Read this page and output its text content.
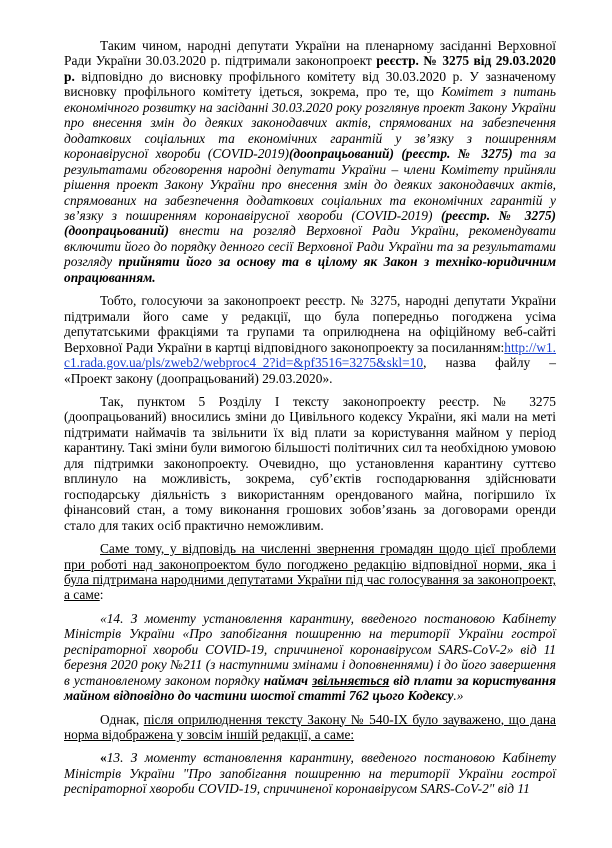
Таким чином, народні депутати України на пленарному засіданні Верховної Ради України 30.03.2020 р. підтримали законопроект реєстр. № 3275 від 29.03.2020 р. відповідно до висновку профільного комітету від 30.03.2020 р. У зазначеному висновку профільного комітету ідеться, зокрема, про те, що Комітет з питань економічного розвитку на засіданні 30.03.2020 року розглянув проект Закону України про внесення змін до деяких законодавчих актів, спрямованих на забезпечення додаткових соціальних та економічних гарантій у зв’язку з поширенням коронавірусної хвороби (COVID-2019)(доопрацьований) (реєстр. № 3275) та за результатами обговорення народні депутати України – члени Комітету прийняли рішення проект Закону України про внесення змін до деяких законодавчих актів, спрямованих на забезпечення додаткових соціальних та економічних гарантій у зв’язку з поширенням коронавірусної хвороби (COVID-2019) (реєстр. № 3275) (доопрацьований) внести на розгляд Верховної Ради України, рекомендувати включити його до порядку денного сесії Верховної Ради України та за результатами розгляду прийняти його за основу та в цілому як Закон з техніко-юридичним опрацюванням.

Тобто, голосуючи за законопроект реєстр. № 3275, народні депутати України підтримали його саме у редакції, що була попередньо погоджена усіма депутатськими фракціями та групами та оприлюднена на офіційному веб-сайті Верховної Ради України в картці відповідного законопроекту за посиланням:http://w1.c1.rada.gov.ua/pls/zweb2/webproc4_2?id=&pf3516=3275&skl=10, назва файлу – «Проект закону (доопрацьований) 29.03.2020».

Так, пунктом 5 Розділу І тексту законопроекту реєстр. № 3275 (доопрацьований) вносились зміни до Цивільного кодексу України, які мали на меті підтримати наймачів та звільнити їх від плати за користування майном у період карантину. Такі зміни були вимогою більшості політичних сил та необхідною умовою для підтримки законопроекту. Очевидно, що установлення карантину суттєво вплинуло на можливість, зокрема, суб’єктів господарювання здійснювати господарську діяльність з використанням орендованого майна, погіршило їх фінансовий стан, а тому виконання грошових зобов’язань за договорами оренди стало для таких осіб практично неможливим.

Саме тому, у відповідь на численні звернення громадян щодо цієї проблеми при роботі над законопроектом було погоджено редакцію відповідної норми, яка і була підтримана народними депутатами України під час голосування за законопроект, а саме:

«14. З моменту установлення карантину, введеного постановою Кабінету Міністрів України «Про запобігання поширенню на території України гострої респіраторної хвороби COVID-19, спричиненої коронавірусом SARS-CoV-2» від 11 березня 2020 року №211 (з наступними змінами і доповненнями) і до його завершення в установленому законом порядку наймач звільняється від плати за користування майном відповідно до частини шостої статті 762 цього Кодексу.»

Однак, після оприлюднення тексту Закону № 540-IX було зауважено, що дана норма відображена у зовсім іншій редакції, а саме:

«13. З моменту встановлення карантину, введеного постановою Кабінету Міністрів України "Про запобігання поширенню на території України гострої респіраторної хвороби COVID-19, спричиненої коронавірусом SARS-CoV-2" від 11
